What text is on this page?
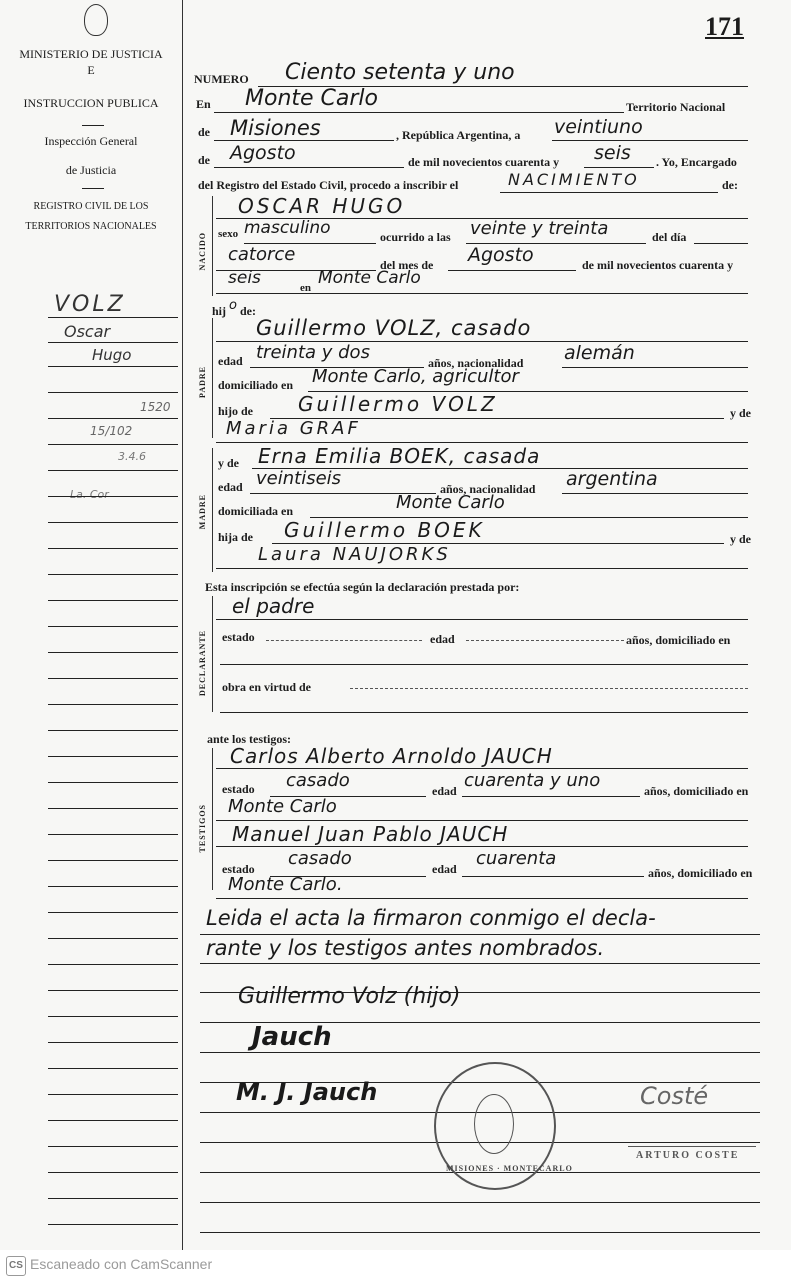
MINISTERIO DE JUSTICIA
E
INSTRUCCION PUBLICA
Inspección General
de Justicia
REGISTRO CIVIL DE LOS
TERRITORIOS NACIONALES
VOLZ
Oscar
Hugo
1520
15/102
3.4.6
La. Cor
171
NUMERO Ciento setenta y uno
En Monte Carlo	Territorio Nacional
de Misiones	, República Argentina, a veintiuno
de Agosto	de mil novecientos cuarenta y seis . Yo, Encargado
del Registro del Estado Civil, procedo a inscribir el	NACIMIENTO	de:
NACIDO
OSCAR HUGO
sexo masculino	ocurrido a las veinte y treinta	del día
catorce	del mes de Agosto	de mil novecientos cuarenta y
seis	en Monte Carlo
hij o de:
PADRE
Guillermo VOLZ, casado
edad treinta y dos	años, nacionalidad alemán
domiciliado en Monte Carlo, agricultor
hijo de Guillermo VOLZ	y de
Maria GRAF
MADRE
y de Erna Emilia BOEK, casada
edad veintiseis	años, nacionalidad argentina
domiciliada en	Monte Carlo
hija de Guillermo BOEK	y de
Laura NAUJORKS
Esta inscripción se efectúa según la declaración prestada por:
DECLARANTE
el padre
estado	edad	años, domiciliado en
obra en virtud de
ante los testigos:
TESTIGOS
Carlos Alberto Arnoldo JAUCH
estado casado	edad cuarenta y uno	años, domiciliado en
Monte Carlo
Manuel Juan Pablo JAUCH
estado casado	edad cuarenta
años, domiciliado en
Monte Carlo.
Leida el acta la firmaron conmigo el decla-
rante y los testigos antes nombrados.
Guillermo Volz (hijo)
Jauch
M. J. Jauch	Costé
MISIONES · MONTECARLO
ARTURO COSTE
CS Escaneado con CamScanner
